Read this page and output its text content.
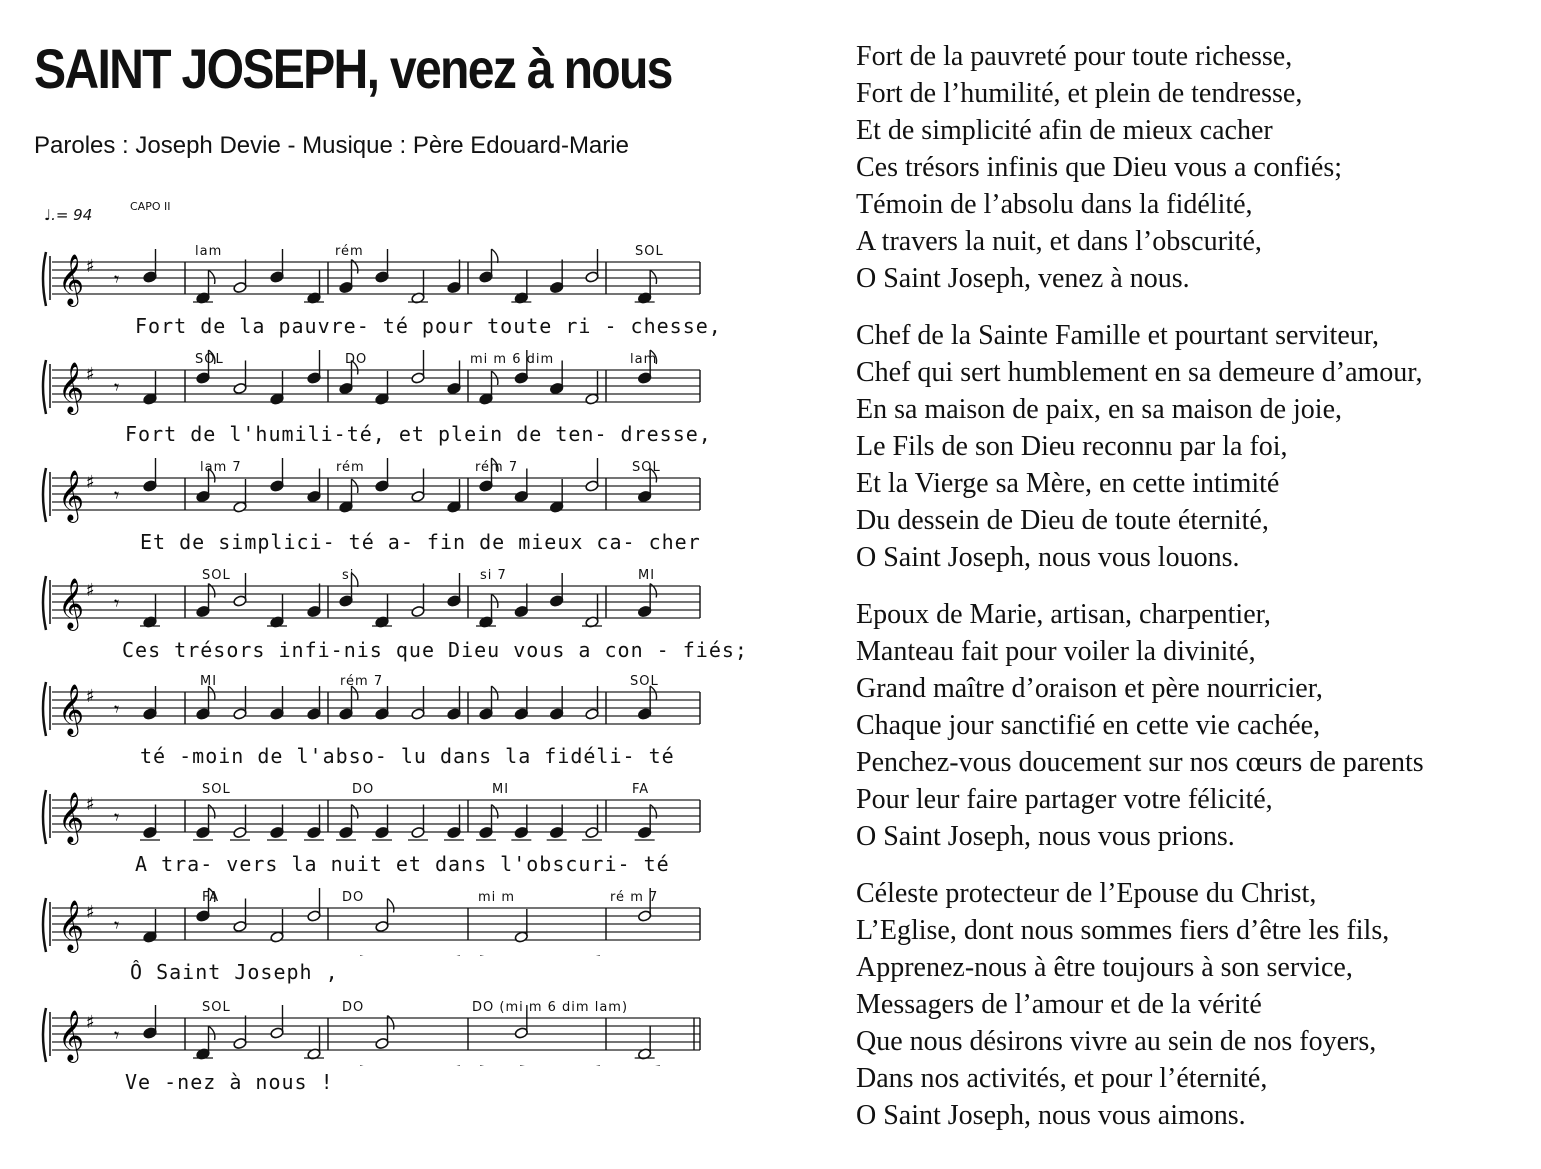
SAINT JOSEPH, venez à nous
Paroles : Joseph Devie - Musique : Père Edouard-Marie
♩.= 94	CAPO II
𝄞 ♯
𝄾
lam	rém	SOL
Fort de la pauvre- té pour toute ri - chesse,
𝄞 ♯
𝄾
SOL	DO	mi m 6 dim	lam
Fort de l'humili-té, et plein de ten- dresse,
𝄞 ♯
𝄾
lam 7	rém	rém 7	SOL
Et de simplici- té a- fin de mieux ca- cher
𝄞 ♯
𝄾
SOL	si	si 7	MI
Ces trésors infi-nis que Dieu vous a con - fiés;
𝄞 ♯
𝄾
MI	rém 7	SOL
té -moin de l'abso- lu dans la fidéli- té
𝄞 ♯
𝄾
SOL	DO	MI	FA
A tra- vers la nuit et dans l'obscuri- té
𝄞 ♯
𝄾
FA	DO	mi m	ré m 7
Ô Saint Joseph ,
𝄞 ♯
𝄾
SOL	DO	DO (mi m 6 dim lam)
Ve -nez à nous !
Fort de la pauvreté pour toute richesse,
Fort de l’humilité, et plein de tendresse,
Et de simplicité afin de mieux cacher
Ces trésors infinis que Dieu vous a confiés;
Témoin de l’absolu dans la fidélité,
A travers la nuit, et dans l’obscurité,
O Saint Joseph, venez à nous.
Chef de la Sainte Famille et pourtant serviteur,
Chef qui sert humblement en sa demeure d’amour,
En sa maison de paix, en sa maison de joie,
Le Fils de son Dieu reconnu par la foi,
Et la Vierge sa Mère, en cette intimité
Du dessein de Dieu de toute éternité,
O Saint Joseph, nous vous louons.
Epoux de Marie, artisan, charpentier,
Manteau fait pour voiler la divinité,
Grand maître d’oraison et père nourricier,
Chaque jour sanctifié en cette vie cachée,
Penchez-vous doucement sur nos cœurs de parents
Pour leur faire partager votre félicité,
O Saint Joseph, nous vous prions.
Céleste protecteur de l’Epouse du Christ,
L’Eglise, dont nous sommes fiers d’être les fils,
Apprenez-nous à être toujours à son service,
Messagers de l’amour et de la vérité
Que nous désirons vivre au sein de nos foyers,
Dans nos activités, et pour l’éternité,
O Saint Joseph, nous vous aimons.
